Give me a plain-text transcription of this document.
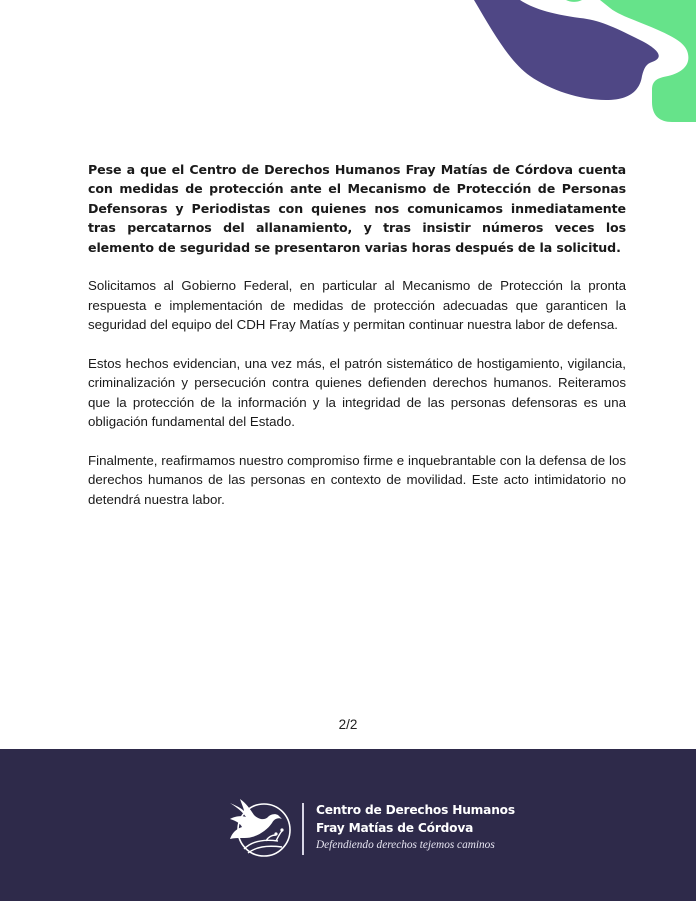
Pese a que el Centro de Derechos Humanos Fray Matías de Córdova cuenta con medidas de protección ante el Mecanismo de Protección de Personas Defensoras y Periodistas con quienes nos comunicamos inmediatamente tras percatarnos del allanamiento, y tras insistir números veces los elemento de seguridad se presentaron varias horas después de la solicitud.

Solicitamos al Gobierno Federal, en particular al Mecanismo de Protección la pronta respuesta e implementación de medidas de protección adecuadas que garanticen la seguridad del equipo del CDH Fray Matías y permitan continuar nuestra labor de defensa.

Estos hechos evidencian, una vez más, el patrón sistemático de hostigamiento, vigilancia, criminalización y persecución contra quienes defienden derechos humanos. Reiteramos que la protección de la información y la integridad de las personas defensoras es una obligación fundamental del Estado.

Finalmente, reafirmamos nuestro compromiso firme e inquebrantable con la defensa de los derechos humanos de las personas en contexto de movilidad. Este acto intimidatorio no detendrá nuestra labor.

2/2
Centro de Derechos Humanos
Fray Matías de Córdova
Defendiendo derechos tejemos caminos
